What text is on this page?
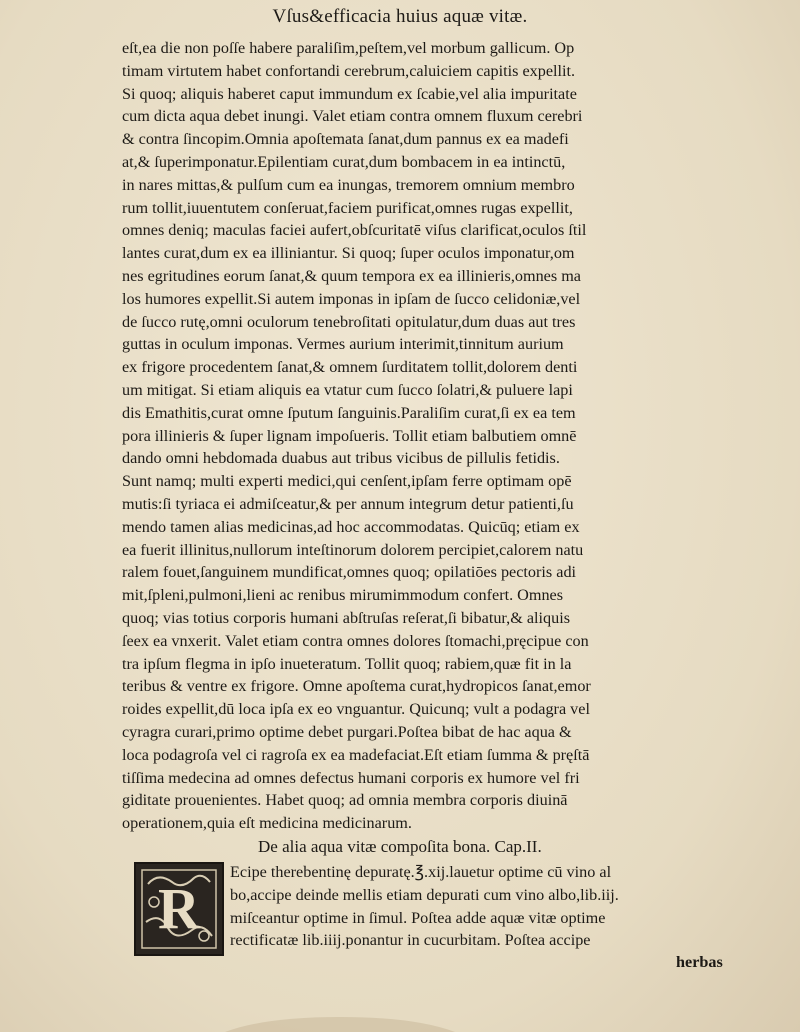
Vſus&efficacia huius aquæ vitæ.
eſt,ea die non poſſe habere paraliſim,peſtem,vel morbum gallicum. Op
timam virtutem habet confortandi cerebrum,caluiciem capitis expellit.
Si quoq; aliquis haberet caput immundum ex ſcabie,vel alia impuritate
cum dicta aqua debet inungi. Valet etiam contra omnem fluxum cerebri
& contra ſincopim.Omnia apoſtemata ſanat,dum pannus ex ea madefi
at,& ſuperimponatur.Epilentiam curat,dum bombacem in ea intinctū,
in nares mittas,& pulſum cum ea inungas, tremorem omnium membro
rum tollit,iuuentutem conſeruat,faciem purificat,omnes rugas expellit,
omnes deniq; maculas faciei aufert,obſcuritatē viſus clarificat,oculos ſtil
lantes curat,dum ex ea illiniantur. Si quoq; ſuper oculos imponatur,om
nes egritudines eorum ſanat,& quum tempora ex ea illinieris,omnes ma
los humores expellit.Si autem imponas in ipſam de ſucco celidoniæ,vel
de ſucco rutę,omni oculorum tenebroſitati opitulatur,dum duas aut tres
guttas in oculum imponas. Vermes aurium interimit,tinnitum aurium
ex frigore procedentem ſanat,& omnem ſurditatem tollit,dolorem denti
um mitigat. Si etiam aliquis ea vtatur cum ſucco ſolatri,& puluere lapi
dis Emathitis,curat omne ſputum ſanguinis.Paraliſim curat,ſi ex ea tem
pora illinieris & ſuper lignam impoſueris. Tollit etiam balbutiem omnē
dando omni hebdomada duabus aut tribus vicibus de pillulis fetidis.
Sunt namq; multi experti medici,qui cenſent,ipſam ferre optimam opē
mutis:ſi tyriaca ei admiſceatur,& per annum integrum detur patienti,ſu
mendo tamen alias medicinas,ad hoc accommodatas. Quicūq; etiam ex
ea fuerit illinitus,nullorum inteſtinorum dolorem percipiet,calorem natu
ralem fouet,ſanguinem mundificat,omnes quoq; opilatiōes pectoris adi
mit,ſpleni,pulmoni,lieni ac renibus mirumimmodum confert. Omnes
quoq; vias totius corporis humani abſtruſas reſerat,ſi bibatur,& aliquis
ſeex ea vnxerit. Valet etiam contra omnes dolores ſtomachi,pręcipue con
tra ipſum flegma in ipſo inueteratum. Tollit quoq; rabiem,quæ fit in la
teribus & ventre ex frigore. Omne apoſtema curat,hydropicos ſanat,emor
roides expellit,dū loca ipſa ex eo vnguantur. Quicunq; vult a podagra vel
cyragra curari,primo optime debet purgari.Poſtea bibat de hac aqua &
loca podagroſa vel ci ragroſa ex ea madefaciat.Eſt etiam ſumma & pręſtā
tiſſima medecina ad omnes defectus humani corporis ex humore vel fri
giditate prouenientes. Habet quoq; ad omnia membra corporis diuinā
operationem,quia eſt medicina medicinarum.
De alia aqua vitæ compoſita bona. Cap.II.
R
Ecipe therebentinę depuratę.℥.xij.lauetur optime cū vino al
bo,accipe deinde mellis etiam depurati cum vino albo,lib.iij.
miſceantur optime in ſimul. Poſtea adde aquæ vitæ optime
rectificatæ lib.iiij.ponantur in cucurbitam. Poſtea accipe
herbas
